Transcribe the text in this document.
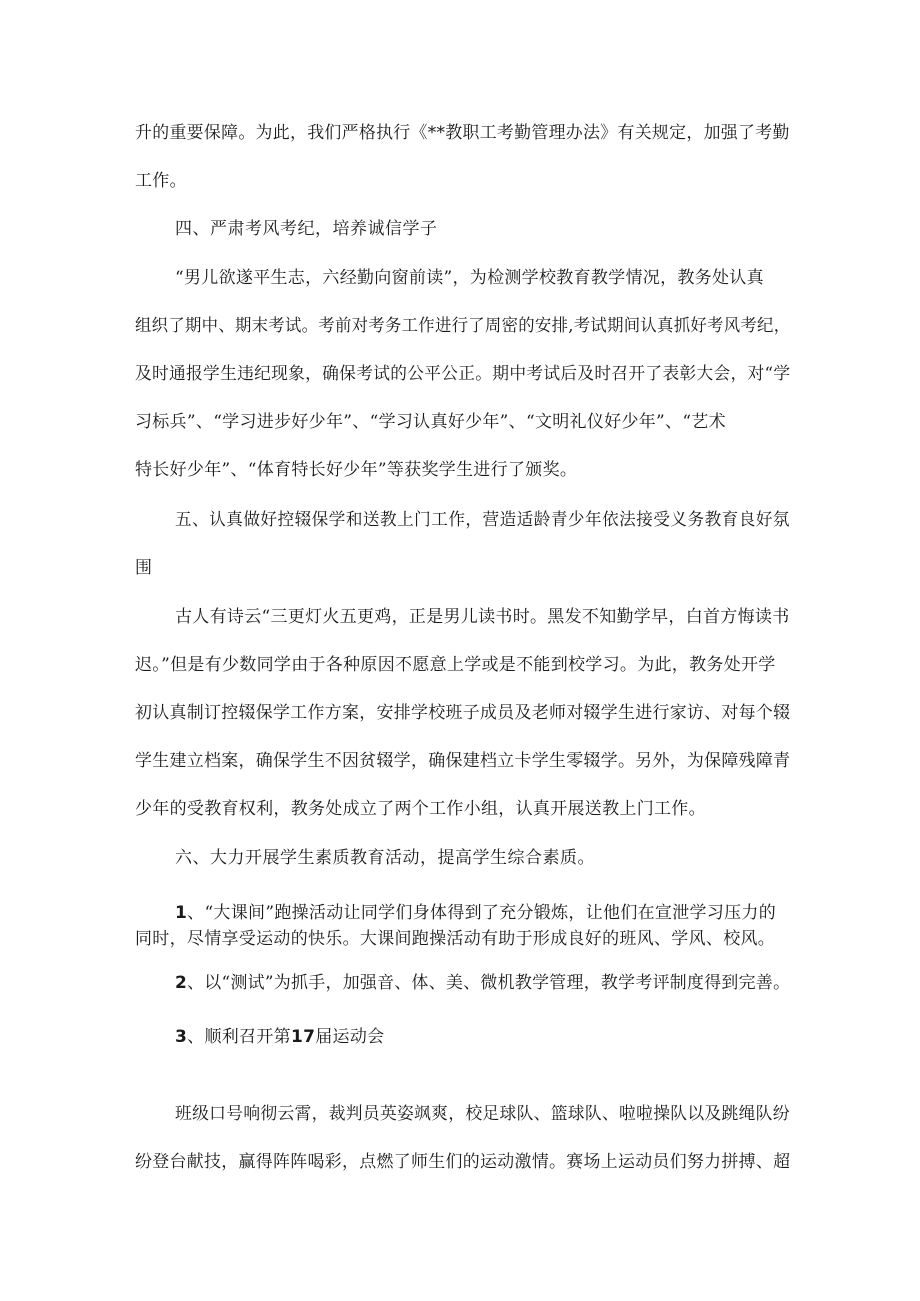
升的重要保障。为此，我们严格执行《**教职工考勤管理办法》有关规定，加强了考勤
工作。
四、严肃考风考纪，培养诚信学子
“男儿欲遂平生志，六经勤向窗前读”，为检测学校教育教学情况，教务处认真
组织了期中、期末考试。考前对考务工作进行了周密的安排,考试期间认真抓好考风考纪，
及时通报学生违纪现象，确保考试的公平公正。期中考试后及时召开了表彰大会，对“学
习标兵”、“学习进步好少年”、“学习认真好少年”、“文明礼仪好少年”、“艺术
特长好少年”、“体育特长好少年”等获奖学生进行了颁奖。
五、认真做好控辍保学和送教上门工作，营造适龄青少年依法接受义务教育良好氛
围
古人有诗云“三更灯火五更鸡，正是男儿读书时。黑发不知勤学早，白首方悔读书
迟。”但是有少数同学由于各种原因不愿意上学或是不能到校学习。为此，教务处开学
初认真制订控辍保学工作方案，安排学校班子成员及老师对辍学生进行家访、对每个辍
学生建立档案，确保学生不因贫辍学，确保建档立卡学生零辍学。另外，为保障残障青
少年的受教育权利，教务处成立了两个工作小组，认真开展送教上门工作。
六、大力开展学生素质教育活动，提高学生综合素质。
1、“大课间”跑操活动让同学们身体得到了充分锻炼，让他们在宣泄学习压力的
同时，尽情享受运动的快乐。大课间跑操活动有助于形成良好的班风、学风、校风。
2、以“测试”为抓手，加强音、体、美、微机教学管理，教学考评制度得到完善。
3、顺利召开第17届运动会
班级口号响彻云霄，裁判员英姿飒爽，校足球队、篮球队、啦啦操队以及跳绳队纷
纷登台献技，赢得阵阵喝彩，点燃了师生们的运动激情。赛场上运动员们努力拼搏、超
